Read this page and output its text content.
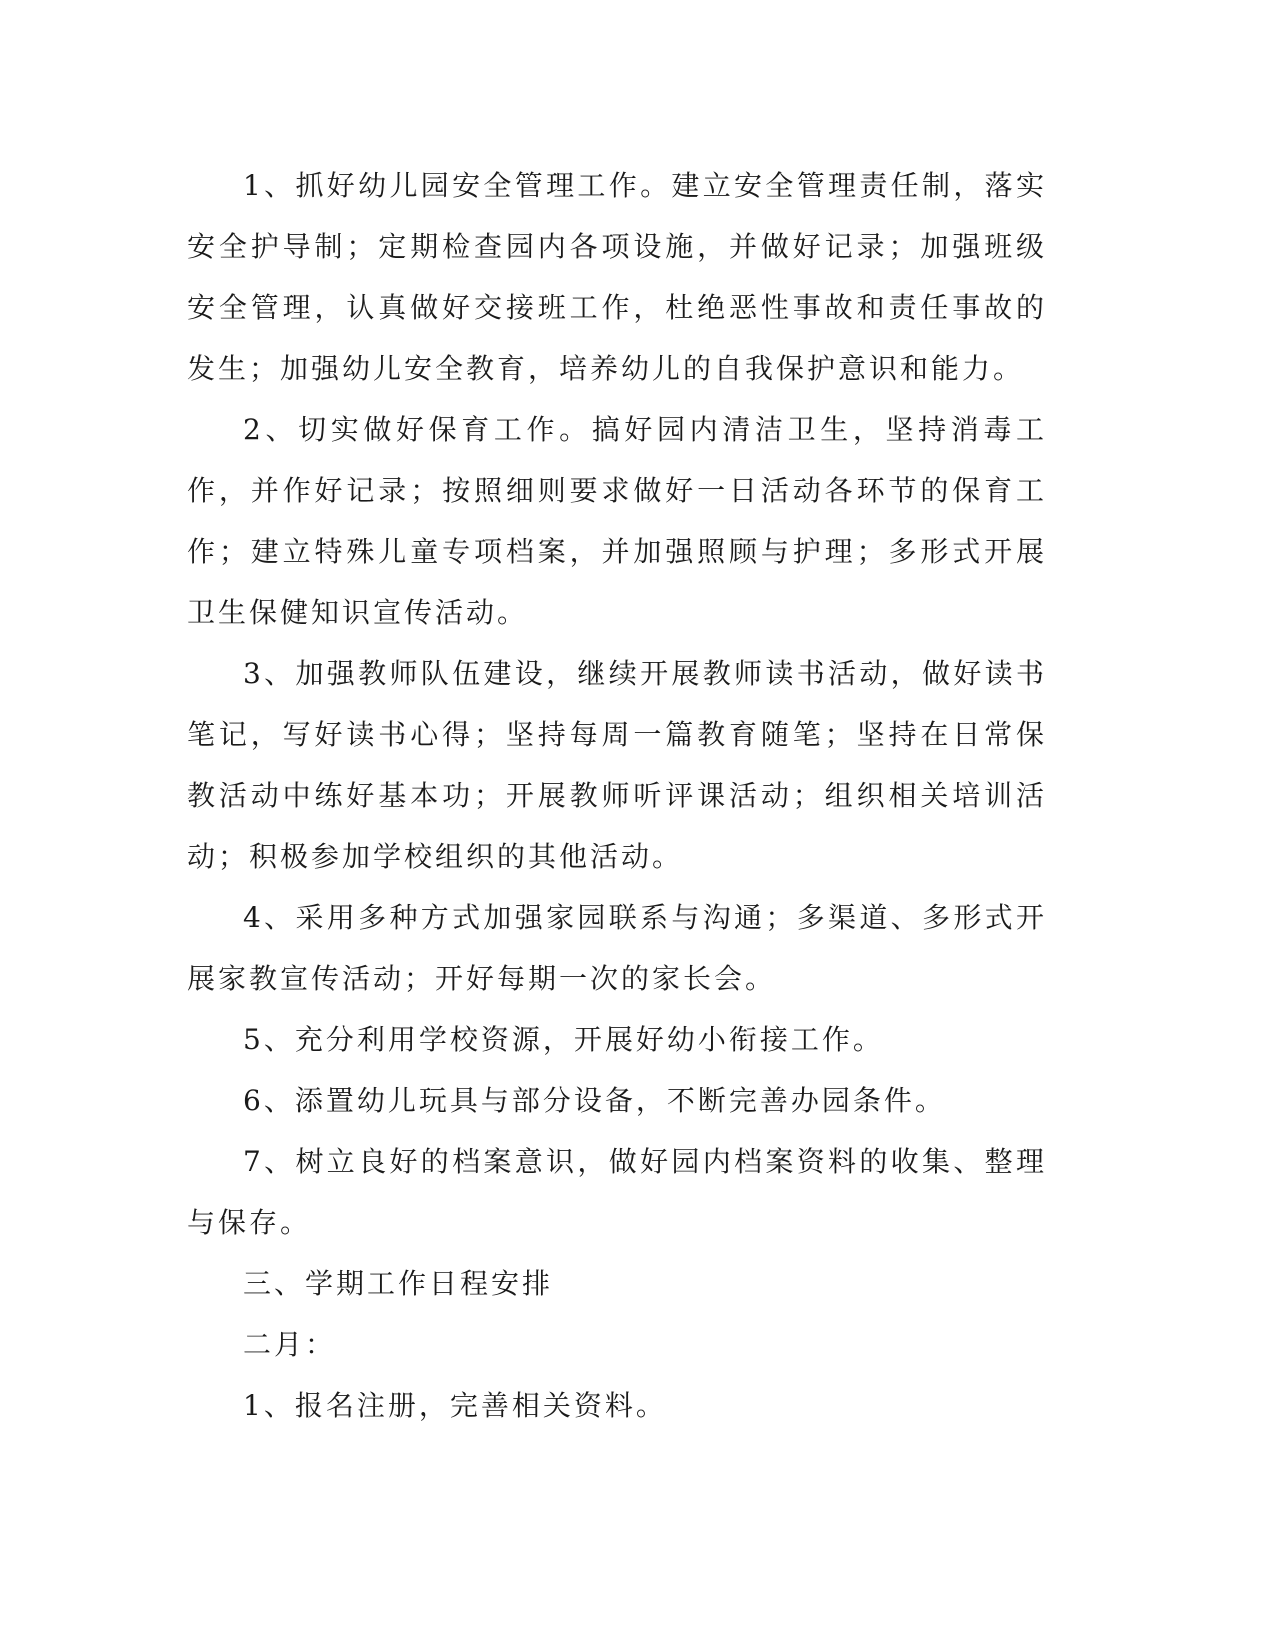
1、抓好幼儿园安全管理工作。建立安全管理责任制，落实安全护导制；定期检查园内各项设施，并做好记录；加强班级安全管理，认真做好交接班工作，杜绝恶性事故和责任事故的发生；加强幼儿安全教育，培养幼儿的自我保护意识和能力。

2、切实做好保育工作。搞好园内清洁卫生，坚持消毒工作，并作好记录；按照细则要求做好一日活动各环节的保育工作；建立特殊儿童专项档案，并加强照顾与护理；多形式开展卫生保健知识宣传活动。

3、加强教师队伍建设，继续开展教师读书活动，做好读书笔记，写好读书心得；坚持每周一篇教育随笔；坚持在日常保教活动中练好基本功；开展教师听评课活动；组织相关培训活动；积极参加学校组织的其他活动。

4、采用多种方式加强家园联系与沟通；多渠道、多形式开展家教宣传活动；开好每期一次的家长会。

5、充分利用学校资源，开展好幼小衔接工作。

6、添置幼儿玩具与部分设备，不断完善办园条件。

7、树立良好的档案意识，做好园内档案资料的收集、整理与保存。

三、学期工作日程安排

二月：

1、报名注册，完善相关资料。
